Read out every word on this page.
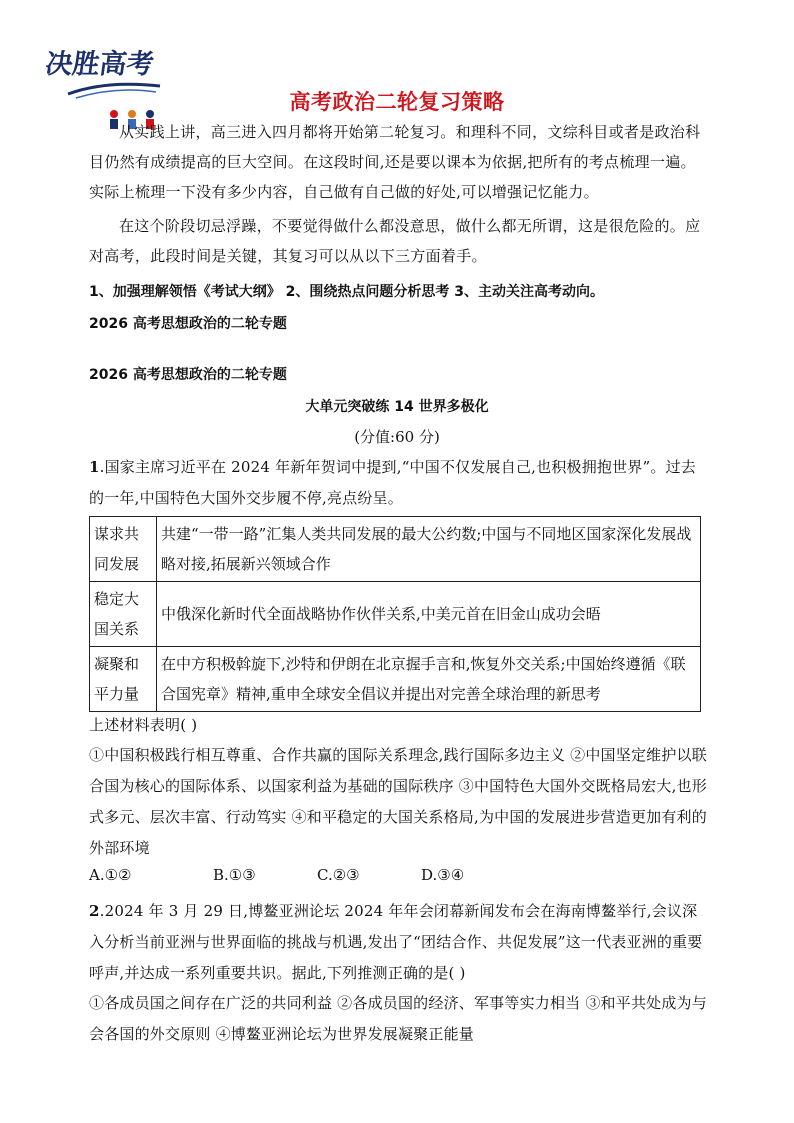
决胜高考
高考政治二轮复习策略
从实践上讲，高三进入四月都将开始第二轮复习。和理科不同，文综科目或者是政治科目仍然有成绩提高的巨大空间。在这段时间,还是要以课本为依据,把所有的考点梳理一遍。实际上梳理一下没有多少内容，自己做有自己做的好处,可以增强记忆能力。
在这个阶段切忌浮躁，不要觉得做什么都没意思，做什么都无所谓，这是很危险的。应对高考，此段时间是关键，其复习可以从以下三方面着手。
1、加强理解领悟《考试大纲》 2、围绕热点问题分析思考 3、主动关注高考动向。
2026 高考思想政治的二轮专题
2026 高考思想政治的二轮专题
大单元突破练 14 世界多极化
(分值:60 分)
1.国家主席习近平在 2024 年新年贺词中提到,“中国不仅发展自己,也积极拥抱世界”。过去的一年,中国特色大国外交步履不停,亮点纷呈。
谋求共同发展	共建“一带一路”汇集人类共同发展的最大公约数;中国与不同地区国家深化发展战略对接,拓展新兴领域合作
稳定大国关系	中俄深化新时代全面战略协作伙伴关系,中美元首在旧金山成功会晤
凝聚和平力量	在中方积极斡旋下,沙特和伊朗在北京握手言和,恢复外交关系;中国始终遵循《联合国宪章》精神,重申全球安全倡议并提出对完善全球治理的新思考
上述材料表明( )
①中国积极践行相互尊重、合作共赢的国际关系理念,践行国际多边主义 ②中国坚定维护以联合国为核心的国际体系、以国家利益为基础的国际秩序 ③中国特色大国外交既格局宏大,也形式多元、层次丰富、行动笃实 ④和平稳定的大国关系格局,为中国的发展进步营造更加有利的外部环境
A.①②	B.①③	C.②③	D.③④
2.2024 年 3 月 29 日,博鳌亚洲论坛 2024 年年会闭幕新闻发布会在海南博鳌举行,会议深入分析当前亚洲与世界面临的挑战与机遇,发出了“团结合作、共促发展”这一代表亚洲的重要呼声,并达成一系列重要共识。据此,下列推测正确的是( )
①各成员国之间存在广泛的共同利益 ②各成员国的经济、军事等实力相当 ③和平共处成为与会各国的外交原则 ④博鳌亚洲论坛为世界发展凝聚正能量
